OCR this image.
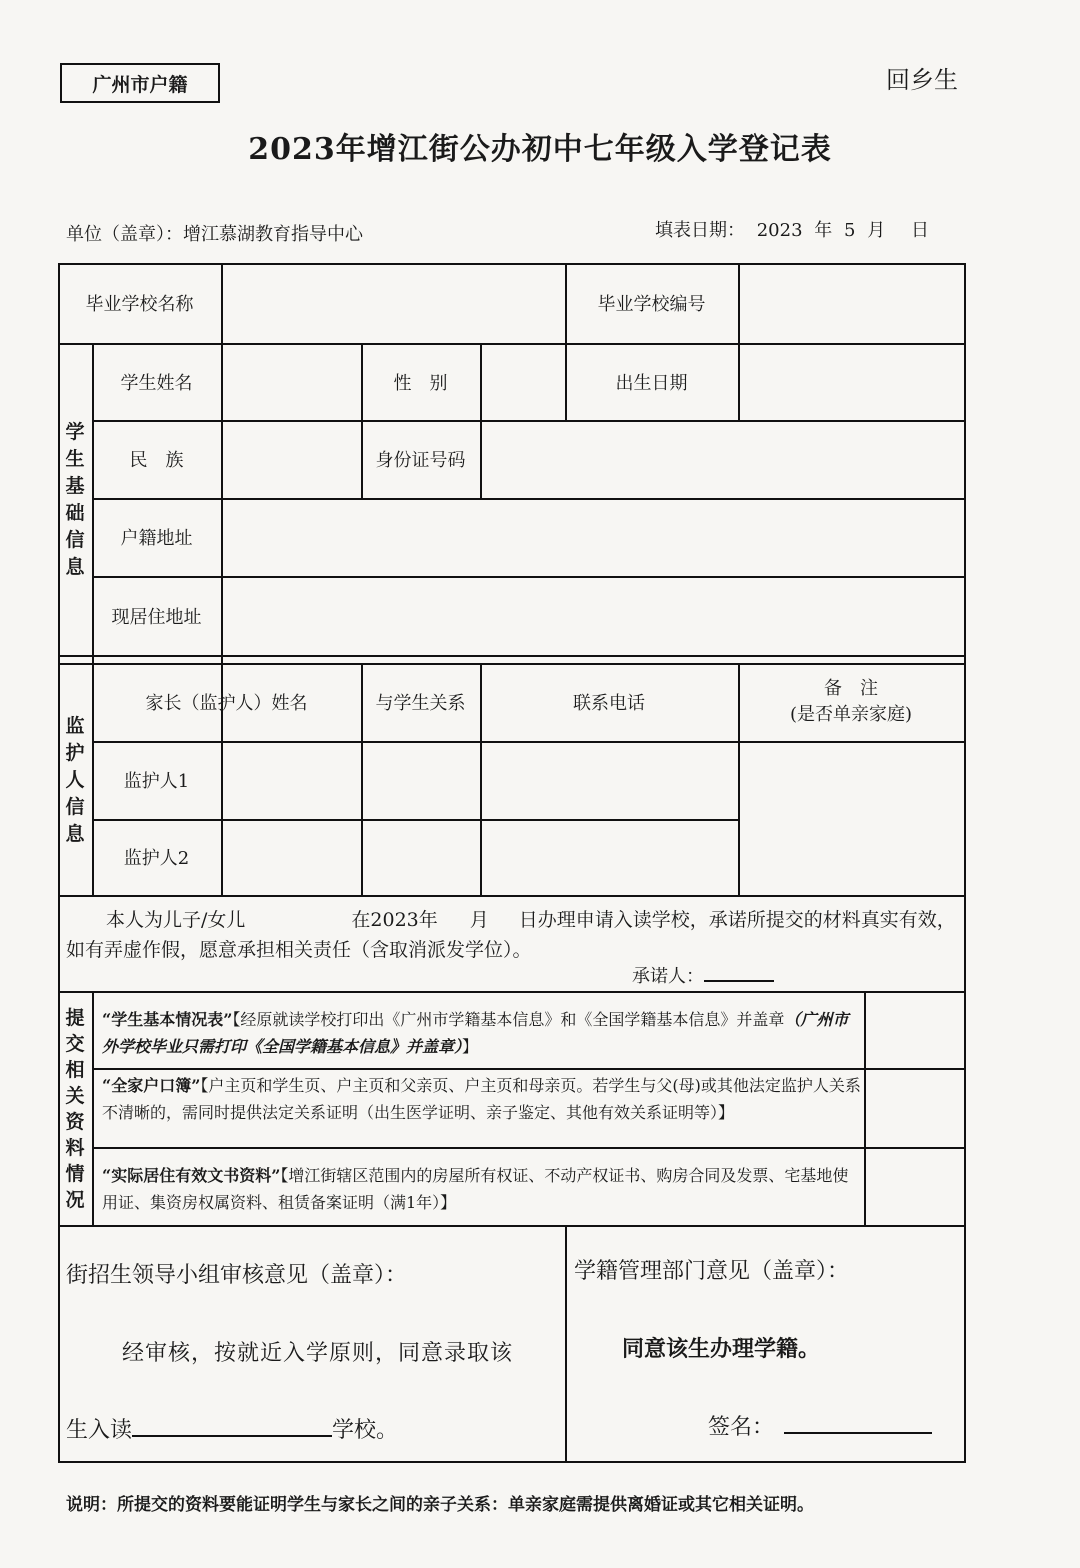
广州市户籍	回乡生
2023年增江街公办初中七年级入学登记表
单位（盖章）：增江慕湖教育指导中心	填表日期： 2023 年 5 月 日
毕业学校名称	毕业学校编号
学
生
基
础
信
息
学生姓名	性　别	出生日期
民　族	身份证号码
户籍地址
现居住地址
监
护
人
信
息
家长（监护人）姓名	与学生关系	联系电话
备　注
(是否单亲家庭)
监护人1
监护人2
提
交
相
关
资
料
情
况
本人为儿子/女儿	在2023年 月 日办理申请入读学校，承诺所提交的材料真实有效，如有弄虚作假，愿意承担相关责任（含取消派发学位）。
承诺人：
“学生基本情况表”【经原就读学校打印出《广州市学籍基本信息》和《全国学籍基本信息》并盖章（广州市外学校毕业只需打印《全国学籍基本信息》并盖章）】
“全家户口簿”【户主页和学生页、户主页和父亲页、户主页和母亲页。若学生与父(母)或其他法定监护人关系不清晰的，需同时提供法定关系证明（出生医学证明、亲子鉴定、其他有效关系证明等）】
“实际居住有效文书资料”【增江街辖区范围内的房屋所有权证、不动产权证书、购房合同及发票、宅基地使用证、集资房权属资料、租赁备案证明（满1年）】
街招生领导小组审核意见（盖章）：
经审核，按就近入学原则，同意录取该
生入读	学校。
学籍管理部门意见（盖章）：
同意该生办理学籍。
签名：
说明：所提交的资料要能证明学生与家长之间的亲子关系：单亲家庭需提供离婚证或其它相关证明。
